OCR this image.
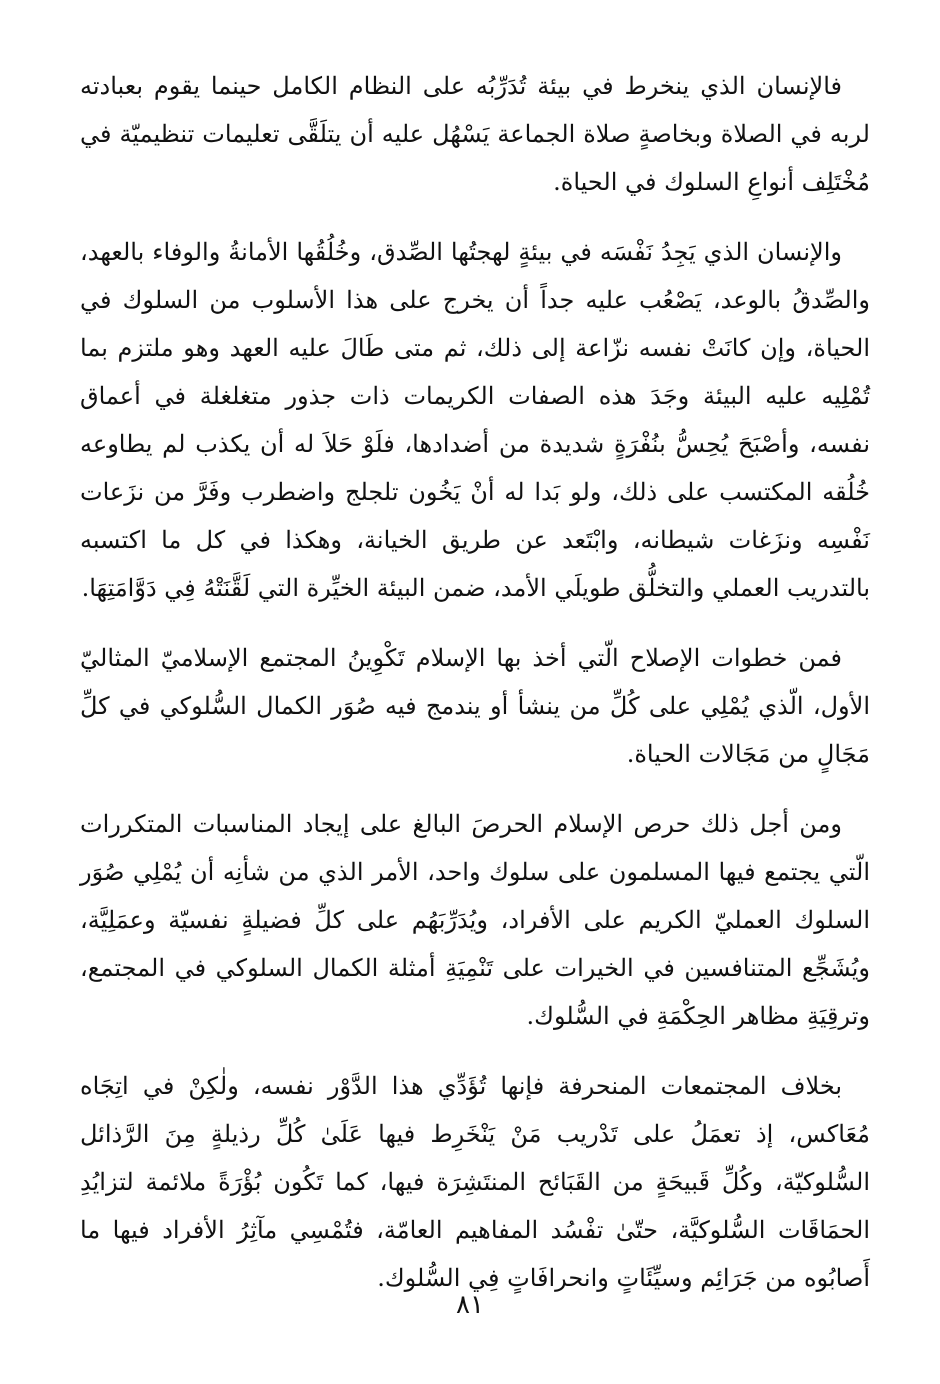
فالإنسان الذي ينخرط في بيئة تُدَرِّبُه على النظام الكامل حينما يقوم بعبادته لربه في الصلاة وبخاصةٍ صلاة الجماعة يَسْهُل عليه أن يتلَقَّى تعليمات تنظيميّة في مُخْتَلِف أنواعِ السلوك في الحياة.

والإنسان الذي يَجِدُ نَفْسَه في بيئةٍ لهجتُها الصِّدق، وخُلُقُها الأمانةُ والوفاء بالعهد، والصِّدقُ بالوعد، يَصْعُب عليه جداً أن يخرج على هذا الأسلوب من السلوك في الحياة، وإن كانَتْ نفسه نزّاعة إلى ذلك، ثم متى طَالَ عليه العهد وهو ملتزم بما تُمْلِيه عليه البيئة وجَدَ هذه الصفات الكريمات ذات جذور متغلغلة في أعماق نفسه، وأصْبَحَ يُحِسُّ بنُفْرَةٍ شديدة من أضدادها، فلَوْ حَلاَ له أن يكذب لم يطاوعه خُلُقه المكتسب على ذلك، ولو بَدا له أنْ يَخُون تلجلج واضطرب وفَرَّ من نزَعات نَفْسِه ونزَغات شيطانه، وابْتَعد عن طريق الخيانة، وهكذا في كل ما اكتسبه بالتدريب العملي والتخلُّق طويلَي الأمد، ضمن البيئة الخيِّرة التي لَقَّنَتْهُ فِي دَوَّامَتِهَا.

فمن خطوات الإصلاح الّتي أخذ بها الإسلام تَكْوِينُ المجتمع الإسلاميّ المثاليّ الأول، الّذي يُمْلِي على كُلِّ من ينشأ أو يندمج فيه صُوَر الكمال السُّلوكي في كلِّ مَجَالٍ من مَجَالات الحياة.

ومن أجل ذلك حرص الإسلام الحرصَ البالغ على إيجاد المناسبات المتكررات الّتي يجتمع فيها المسلمون على سلوك واحد، الأمر الذي من شأنِه أن يُمْلِي صُوَر السلوك العمليّ الكريم على الأفراد، ويُدَرِّبَهُم على كلِّ فضيلةٍ نفسيّة وعمَلِيَّة، ويُشَجِّع المتنافسين في الخيرات على تَنْمِيَةِ أمثلة الكمال السلوكي في المجتمع، وترقِيَةِ مظاهر الحِكْمَةِ في السُّلوك.

بخلاف المجتمعات المنحرفة فإنها تُؤَدِّي هذا الدَّوْر نفسه، ولٰكِنْ في اتِجَاه مُعَاكس، إذ تعمَلُ على تَدْريب مَنْ يَنْخَرِط فيها عَلَىٰ كُلِّ رذيلةٍ مِنَ الرَّذائل السُّلوكيّة، وكُلِّ قَبيحَةٍ من القَبَائح المنتَشِرَة فيها، كما تَكُون بُؤْرَةً ملائمة لتزايُدِ الحمَاقَات السُّلوكيَّة، حتّىٰ تفْسُد المفاهيم العامّة، فتُمْسِي مآثِرُ الأفراد فيها ما أَصابُوه من جَرَائِم وسيِّئَاتٍ وانحرافَاتٍ فِي السُّلوك.

٨١
